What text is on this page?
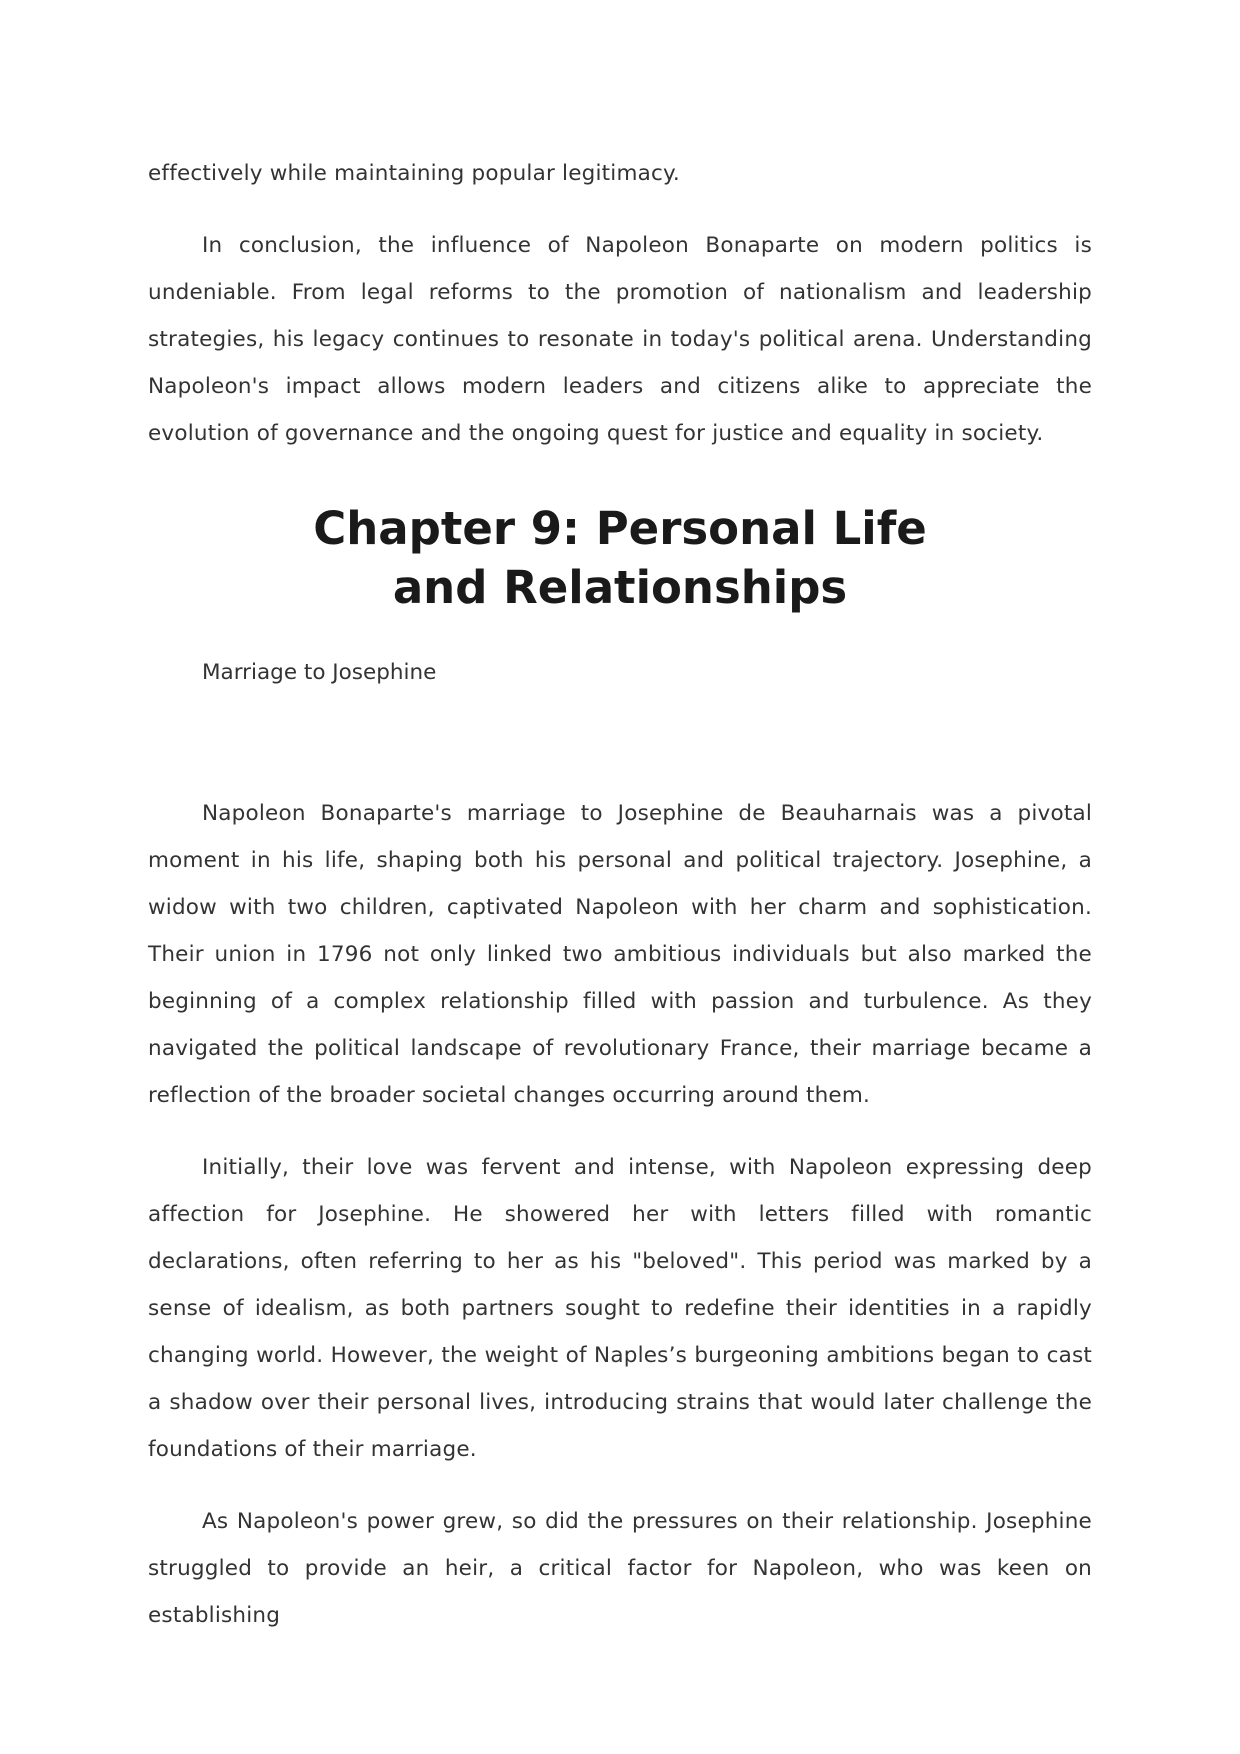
effectively while maintaining popular legitimacy.

In conclusion, the influence of Napoleon Bonaparte on modern politics is undeniable. From legal reforms to the promotion of nationalism and leadership strategies, his legacy continues to resonate in today's political arena. Understanding Napoleon's impact allows modern leaders and citizens alike to appreciate the evolution of governance and the ongoing quest for justice and equality in society.

Chapter 9: Personal Life and Relationships

Marriage to Josephine

Napoleon Bonaparte's marriage to Josephine de Beauharnais was a pivotal moment in his life, shaping both his personal and political trajectory. Josephine, a widow with two children, captivated Napoleon with her charm and sophistication. Their union in 1796 not only linked two ambitious individuals but also marked the beginning of a complex relationship filled with passion and turbulence. As they navigated the political landscape of revolutionary France, their marriage became a reflection of the broader societal changes occurring around them.

Initially, their love was fervent and intense, with Napoleon expressing deep affection for Josephine. He showered her with letters filled with romantic declarations, often referring to her as his "beloved". This period was marked by a sense of idealism, as both partners sought to redefine their identities in a rapidly changing world. However, the weight of Naples’s burgeoning ambitions began to cast a shadow over their personal lives, introducing strains that would later challenge the foundations of their marriage.

As Napoleon's power grew, so did the pressures on their relationship. Josephine struggled to provide an heir, a critical factor for Napoleon, who was keen on establishing
